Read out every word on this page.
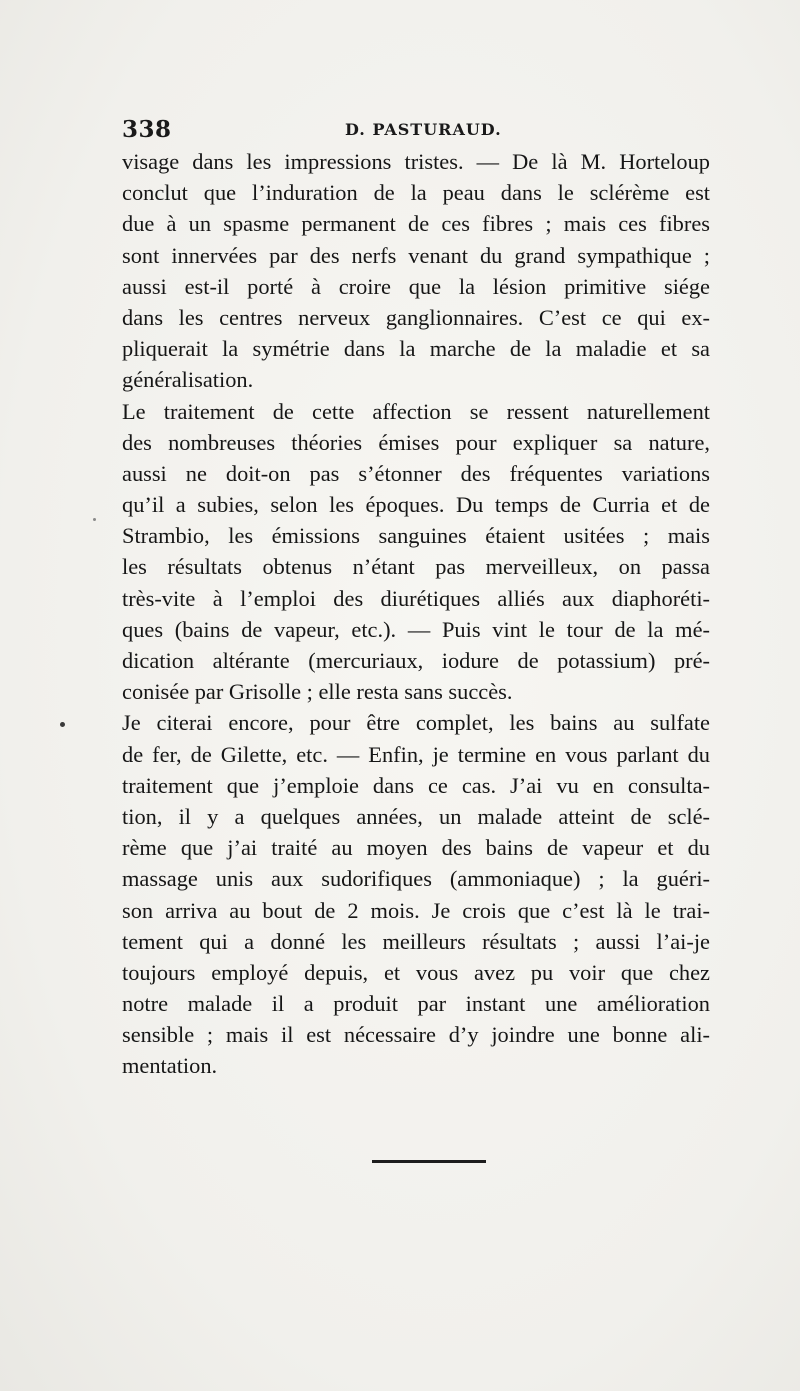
338	D. PASTURAUD.
visage dans les impressions tristes. — De là M. Horteloup
conclut que l’induration de la peau dans le sclérème est
due à un spasme permanent de ces fibres ; mais ces fibres
sont innervées par des nerfs venant du grand sympathique ;
aussi est-il porté à croire que la lésion primitive siége
dans les centres nerveux ganglionnaires. C’est ce qui ex-
pliquerait la symétrie dans la marche de la maladie et sa
généralisation.
Le traitement de cette affection se ressent naturellement
des nombreuses théories émises pour expliquer sa nature,
aussi ne doit-on pas s’étonner des fréquentes variations
qu’il a subies, selon les époques. Du temps de Curria et de
Strambio, les émissions sanguines étaient usitées ; mais
les résultats obtenus n’étant pas merveilleux, on passa
très-vite à l’emploi des diurétiques alliés aux diaphoréti-
ques (bains de vapeur, etc.). — Puis vint le tour de la mé-
dication altérante (mercuriaux, iodure de potassium) pré-
conisée par Grisolle ; elle resta sans succès.
Je citerai encore, pour être complet, les bains au sulfate
de fer, de Gilette, etc. — Enfin, je termine en vous parlant du
traitement que j’emploie dans ce cas. J’ai vu en consulta-
tion, il y a quelques années, un malade atteint de sclé-
rème que j’ai traité au moyen des bains de vapeur et du
massage unis aux sudorifiques (ammoniaque) ; la guéri-
son arriva au bout de 2 mois. Je crois que c’est là le trai-
tement qui a donné les meilleurs résultats ; aussi l’ai-je
toujours employé depuis, et vous avez pu voir que chez
notre malade il a produit par instant une amélioration
sensible ; mais il est nécessaire d’y joindre une bonne ali-
mentation.
